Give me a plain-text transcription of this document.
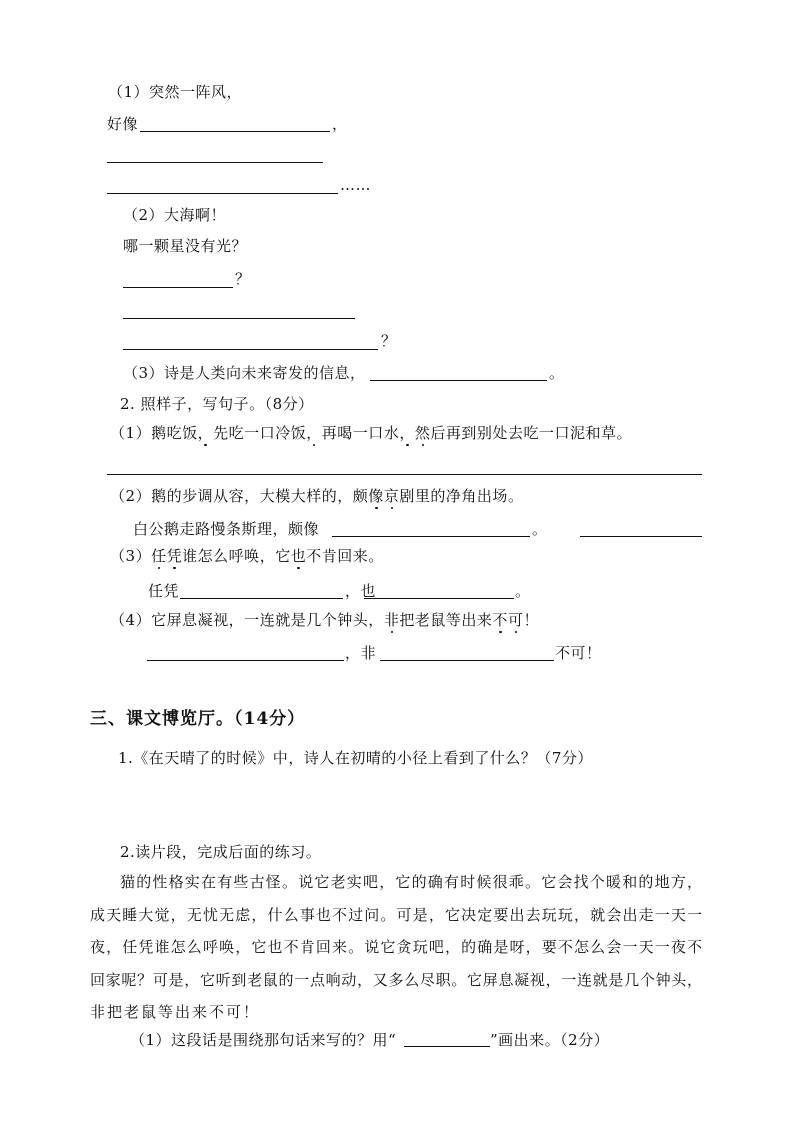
（1）突然一阵风，
好像	，
……
（2）大海啊！
哪一颗星没有光？
？
？
（3）诗是人类向未来寄发的信息，	。
2. 照样子，写句子。（8分）
（1）鹅吃饭，先吃一口冷饭，再喝一口水，然后再到别处去吃一口泥和草。
（2）鹅的步调从容，大模大样的，颇像京剧里的净角出场。
白公鹅走路慢条斯理，颇像	。
（3）任凭谁怎么呼唤，它也不肯回来。
任凭	，也	。
（4）它屏息凝视，一连就是几个钟头，非把老鼠等出来不可！
，非	不可！
三、课文博览厅。（14分）
1.《在天晴了的时候》中，诗人在初晴的小径上看到了什么？（7分）
2.读片段，完成后面的练习。
猫的性格实在有些古怪。说它老实吧，它的确有时候很乖。它会找个暖和的地方，
成天睡大觉，无忧无虑，什么事也不过问。可是，它决定要出去玩玩，就会出走一天一
夜，任凭谁怎么呼唤，它也不肯回来。说它贪玩吧，的确是呀，要不怎么会一天一夜不
回家呢？可是，它听到老鼠的一点响动，又多么尽职。它屏息凝视，一连就是几个钟头，
非把老鼠等出来不可！
（1）这段话是围绕那句话来写的？用“	”画出来。（2分）
